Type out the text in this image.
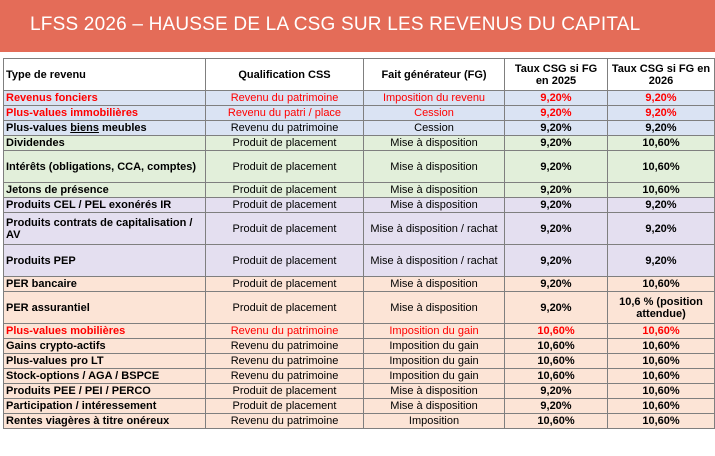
LFSS 2026 – HAUSSE DE LA CSG SUR LES REVENUS DU CAPITAL
Type de revenu	Qualification CSS	Fait générateur (FG)	Taux CSG si FG en 2025	Taux CSG si FG en 2026
Revenus fonciers	Revenu du patrimoine	Imposition du revenu	9,20%	9,20%
Plus-values immobilières	Revenu du patri / place	Cession	9,20%	9,20%
Plus-values biens meubles	Revenu du patrimoine	Cession	9,20%	9,20%
Dividendes	Produit de placement	Mise à disposition	9,20%	10,60%
Intérêts (obligations, CCA, comptes)	Produit de placement	Mise à disposition	9,20%	10,60%
Jetons de présence	Produit de placement	Mise à disposition	9,20%	10,60%
Produits CEL / PEL exonérés IR	Produit de placement	Mise à disposition	9,20%	9,20%
Produits contrats de capitalisation / AV	Produit de placement	Mise à disposition / rachat	9,20%	9,20%
Produits PEP	Produit de placement	Mise à disposition / rachat	9,20%	9,20%
PER bancaire	Produit de placement	Mise à disposition	9,20%	10,60%
PER assurantiel	Produit de placement	Mise à disposition	9,20%	10,6 % (position attendue)
Plus-values mobilières	Revenu du patrimoine	Imposition du gain	10,60%	10,60%
Gains crypto-actifs	Revenu du patrimoine	Imposition du gain	10,60%	10,60%
Plus-values pro LT	Revenu du patrimoine	Imposition du gain	10,60%	10,60%
Stock-options / AGA / BSPCE	Revenu du patrimoine	Imposition du gain	10,60%	10,60%
Produits PEE / PEI / PERCO	Produit de placement	Mise à disposition	9,20%	10,60%
Participation / intéressement	Produit de placement	Mise à disposition	9,20%	10,60%
Rentes viagères à titre onéreux	Revenu du patrimoine	Imposition	10,60%	10,60%
